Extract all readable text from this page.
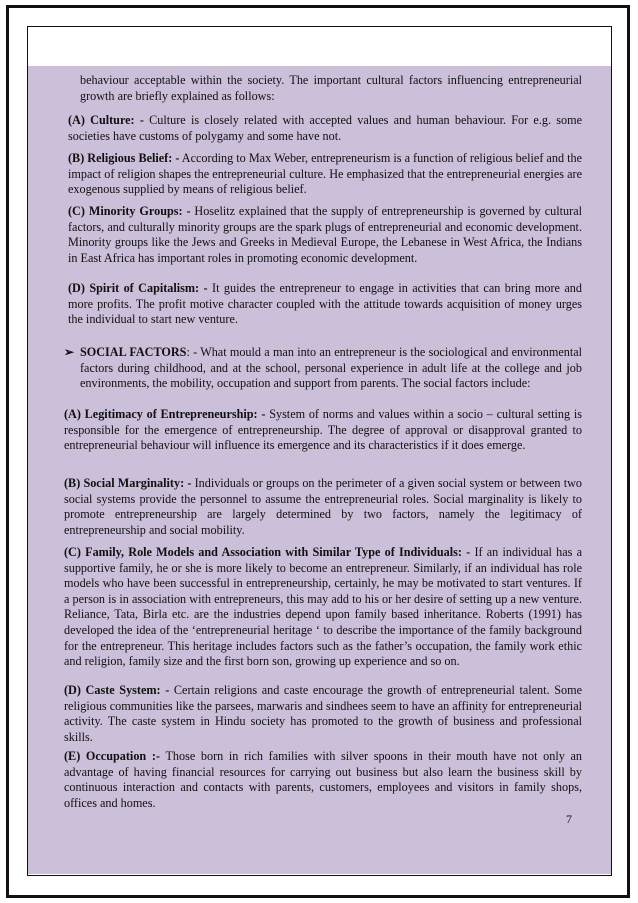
behaviour acceptable within the society. The important cultural factors influencing entrepreneurial growth are briefly explained as follows:

(A) Culture: - Culture is closely related with accepted values and human behaviour. For e.g. some societies have customs of polygamy and some have not.

(B) Religious Belief: - According to Max Weber, entrepreneurism is a function of religious belief and the impact of religion shapes the entrepreneurial culture. He emphasized that the entrepreneurial energies are exogenous supplied by means of religious belief.

(C) Minority Groups: - Hoselitz explained that the supply of entrepreneurship is governed by cultural factors, and culturally minority groups are the spark plugs of entrepreneurial and economic development. Minority groups like the Jews and Greeks in Medieval Europe, the Lebanese in West Africa, the Indians in East Africa has important roles in promoting economic development.

(D) Spirit of Capitalism: - It guides the entrepreneur to engage in activities that can bring more and more profits. The profit motive character coupled with the attitude towards acquisition of money urges the individual to start new venture.

➢ SOCIAL FACTORS: - What mould a man into an entrepreneur is the sociological and environmental factors during childhood, and at the school, personal experience in adult life at the college and job environments, the mobility, occupation and support from parents. The social factors include:

(A) Legitimacy of Entrepreneurship: - System of norms and values within a socio – cultural setting is responsible for the emergence of entrepreneurship. The degree of approval or disapproval granted to entrepreneurial behaviour will influence its emergence and its characteristics if it does emerge.

(B) Social Marginality: - Individuals or groups on the perimeter of a given social system or between two social systems provide the personnel to assume the entrepreneurial roles. Social marginality is likely to promote entrepreneurship are largely determined by two factors, namely the legitimacy of entrepreneurship and social mobility.

(C) Family, Role Models and Association with Similar Type of Individuals: - If an individual has a supportive family, he or she is more likely to become an entrepreneur. Similarly, if an individual has role models who have been successful in entrepreneurship, certainly, he may be motivated to start ventures. If a person is in association with entrepreneurs, this may add to his or her desire of setting up a new venture. Reliance, Tata, Birla etc. are the industries depend upon family based inheritance. Roberts (1991) has developed the idea of the ‘entrepreneurial heritage ‘ to describe the importance of the family background for the entrepreneur. This heritage includes factors such as the father’s occupation, the family work ethic and religion, family size and the first born son, growing up experience and so on.

(D) Caste System: - Certain religions and caste encourage the growth of entrepreneurial talent. Some religious communities like the parsees, marwaris and sindhees seem to have an affinity for entrepreneurial activity. The caste system in Hindu society has promoted to the growth of business and professional skills.

(E) Occupation :- Those born in rich families with silver spoons in their mouth have not only an advantage of having financial resources for carrying out business but also learn the business skill by continuous interaction and contacts with parents, customers, employees and visitors in family shops, offices and homes.

7
